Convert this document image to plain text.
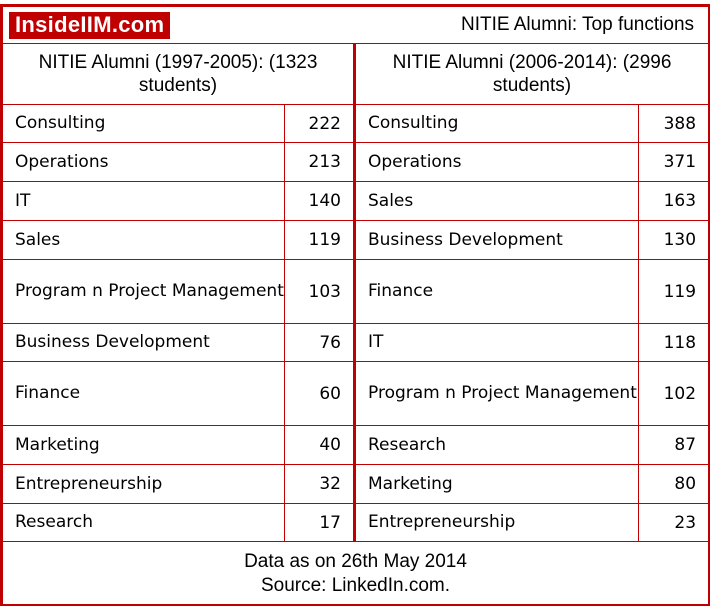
InsideIIM.com		NITIE Alumni: Top functions	
NITIE Alumni (1997-2005): (1323
students)		NITIE Alumni (2006-2014): (2996
students)	
Consulting	222	Consulting	388
Operations	213	Operations	371
IT	140	Sales	163
Sales	119	Business Development	130
Program n Project Management	103	Finance	119
Business Development	76	IT	118
Finance	60	Program n Project Management	102
Marketing	40	Research	87
Entrepreneurship	32	Marketing	80
Research	17	Entrepreneurship	23
Data as on 26th May 2014
Source: LinkedIn.com.			
